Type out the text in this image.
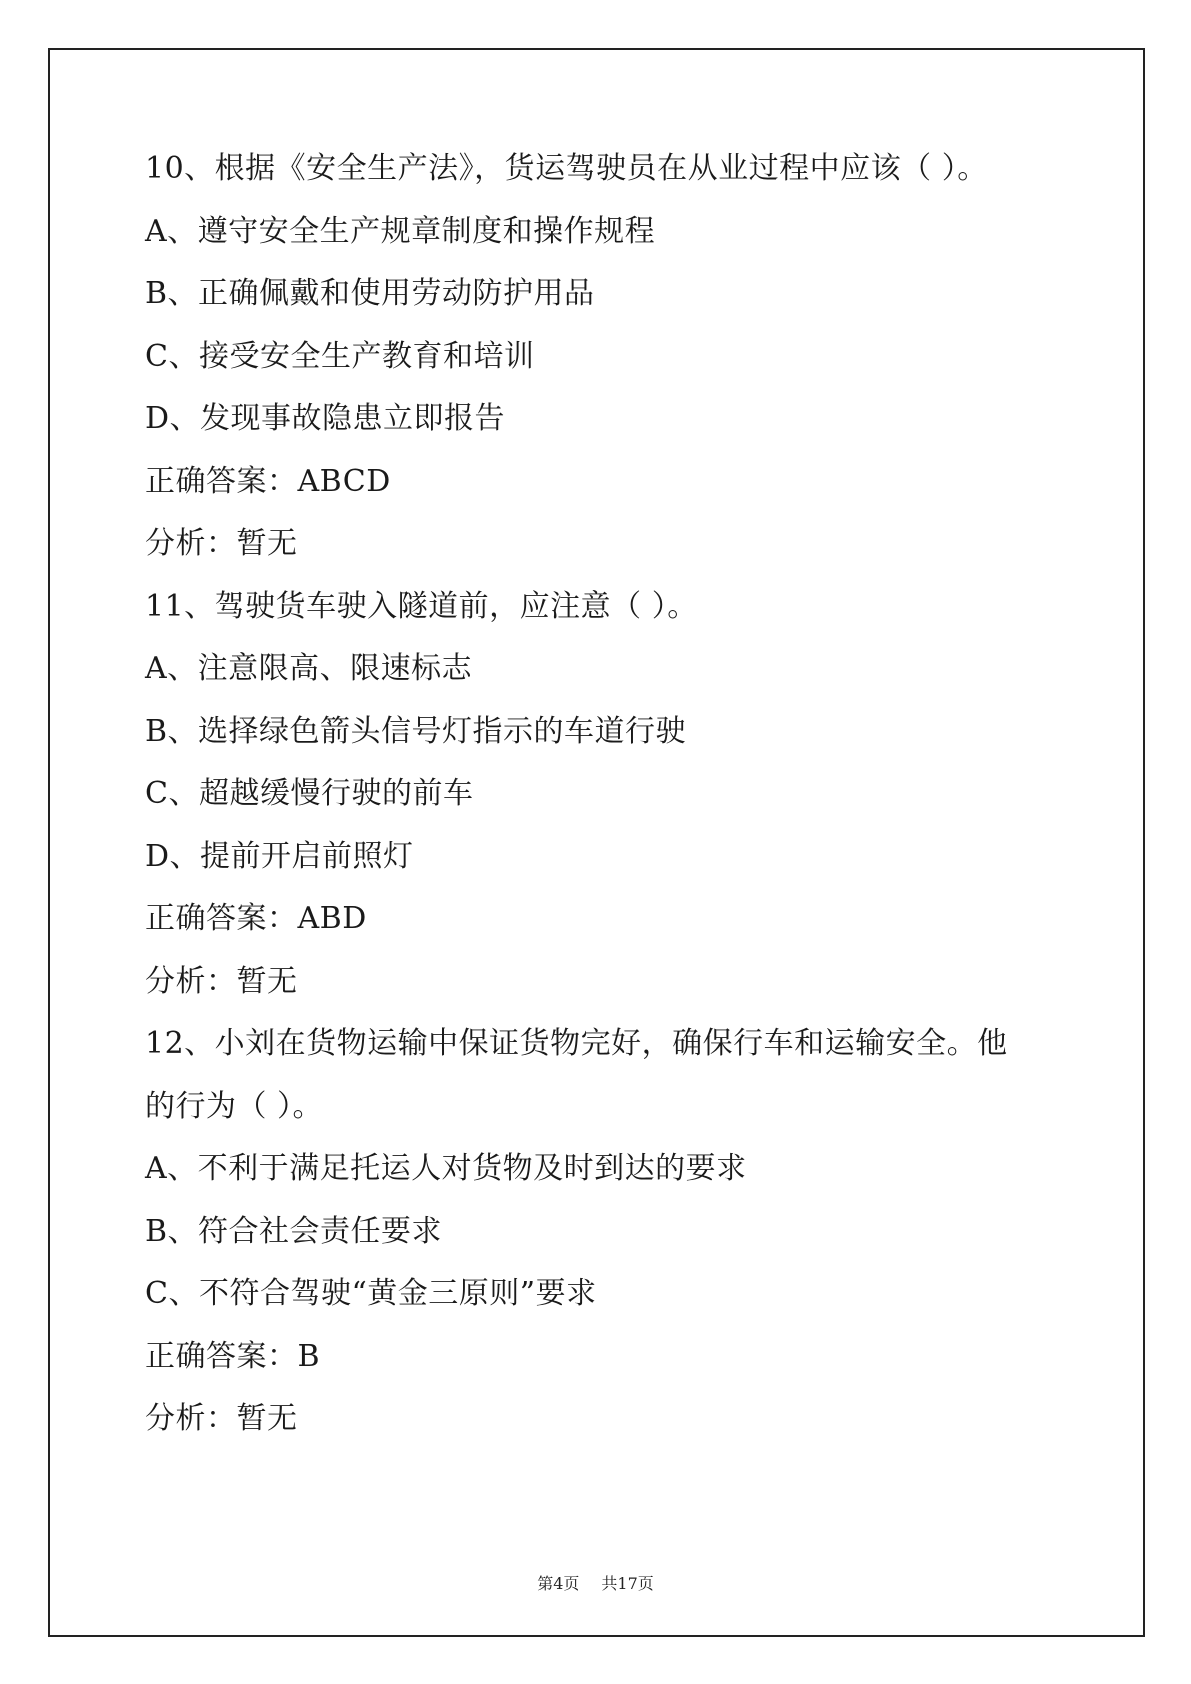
10、根据《安全生产法》，货运驾驶员在从业过程中应该（ ）。
A、遵守安全生产规章制度和操作规程
B、正确佩戴和使用劳动防护用品
C、接受安全生产教育和培训
D、发现事故隐患立即报告
正确答案：ABCD
分析：暂无
11、驾驶货车驶入隧道前，应注意（ ）。
A、注意限高、限速标志
B、选择绿色箭头信号灯指示的车道行驶
C、超越缓慢行驶的前车
D、提前开启前照灯
正确答案：ABD
分析：暂无
12、小刘在货物运输中保证货物完好，确保行车和运输安全。他
的行为（ ）。
A、不利于满足托运人对货物及时到达的要求
B、符合社会责任要求
C、不符合驾驶“黄金三原则”要求
正确答案：B
分析：暂无
第4页 共17页
